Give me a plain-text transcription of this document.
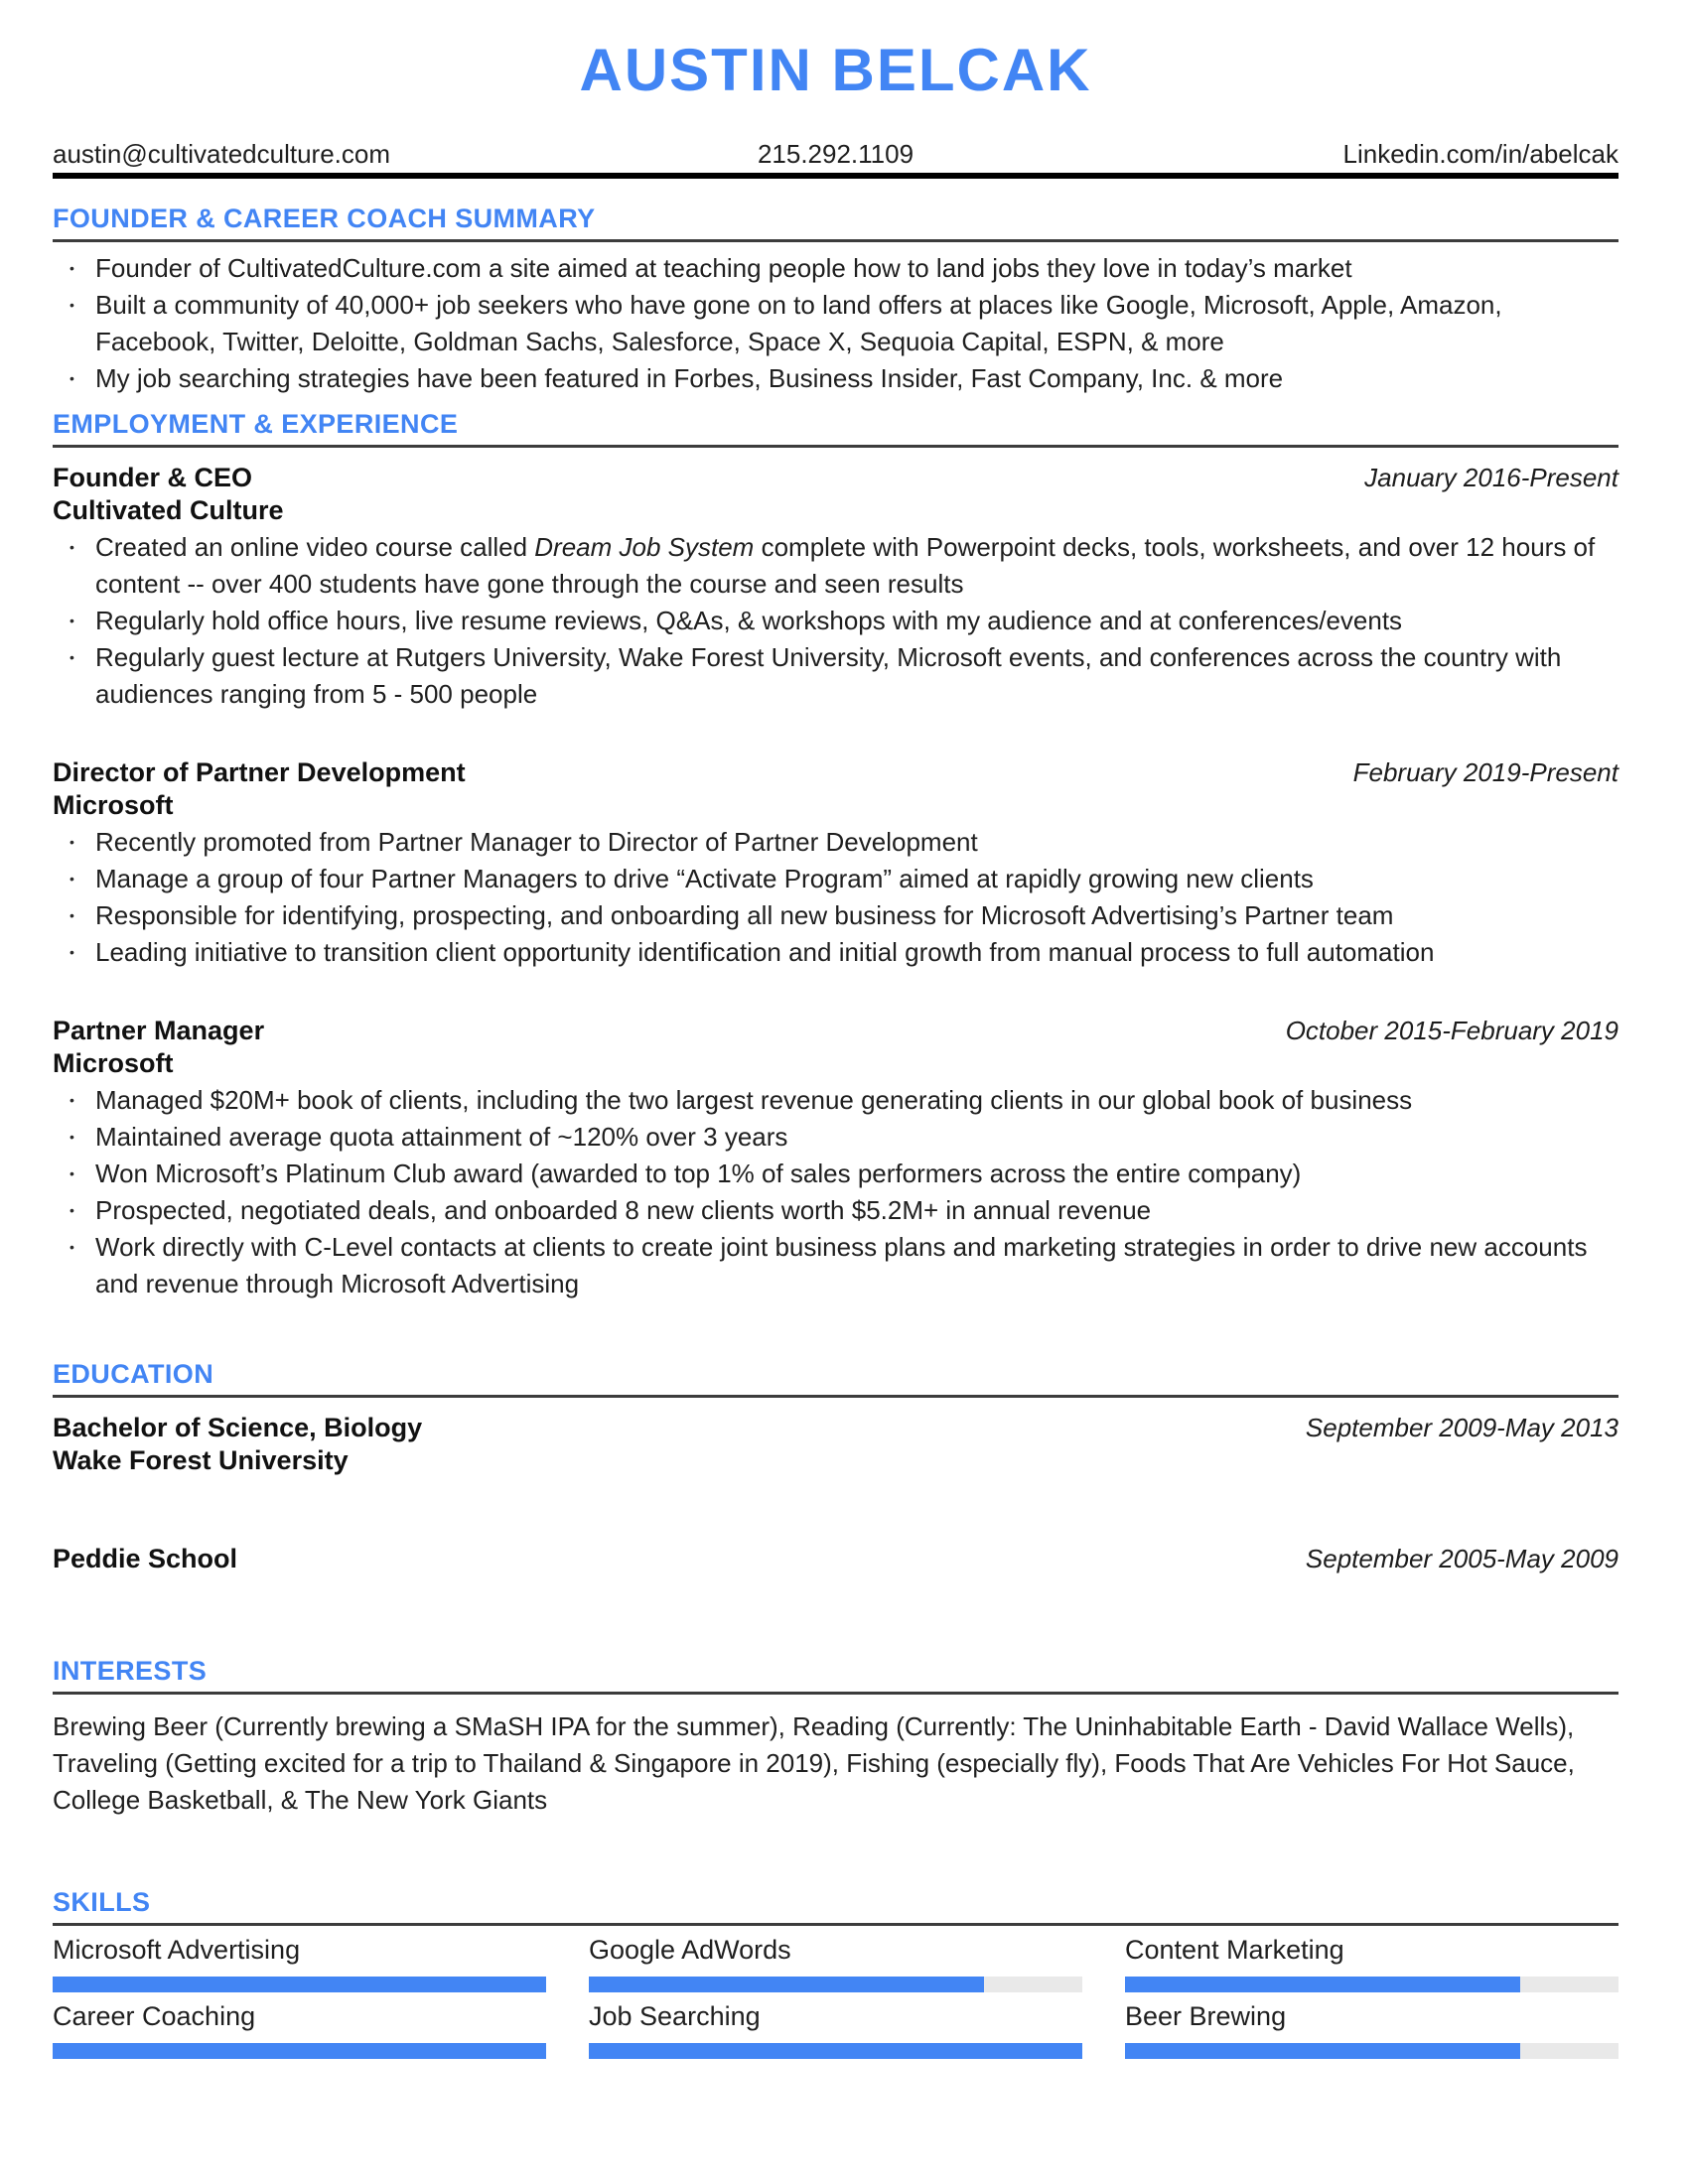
AUSTIN BELCAK
austin@cultivatedculture.com	215.292.1109	Linkedin.com/in/abelcak
FOUNDER & CAREER COACH SUMMARY
• Founder of CultivatedCulture.com a site aimed at teaching people how to land jobs they love in today’s market
• Built a community of 40,000+ job seekers who have gone on to land offers at places like Google, Microsoft, Apple, Amazon, Facebook, Twitter, Deloitte, Goldman Sachs, Salesforce, Space X, Sequoia Capital, ESPN, & more
• My job searching strategies have been featured in Forbes, Business Insider, Fast Company, Inc. & more
EMPLOYMENT & EXPERIENCE
Founder & CEO	January 2016-Present
Cultivated Culture
• Created an online video course called Dream Job System complete with Powerpoint decks, tools, worksheets, and over 12 hours of content -- over 400 students have gone through the course and seen results
• Regularly hold office hours, live resume reviews, Q&As, & workshops with my audience and at conferences/events
• Regularly guest lecture at Rutgers University, Wake Forest University, Microsoft events, and conferences across the country with audiences ranging from 5 - 500 people
Director of Partner Development	February 2019-Present
Microsoft
• Recently promoted from Partner Manager to Director of Partner Development
• Manage a group of four Partner Managers to drive “Activate Program” aimed at rapidly growing new clients
• Responsible for identifying, prospecting, and onboarding all new business for Microsoft Advertising’s Partner team
• Leading initiative to transition client opportunity identification and initial growth from manual process to full automation
Partner Manager	October 2015-February 2019
Microsoft
• Managed $20M+ book of clients, including the two largest revenue generating clients in our global book of business
• Maintained average quota attainment of ~120% over 3 years
• Won Microsoft’s Platinum Club award (awarded to top 1% of sales performers across the entire company)
• Prospected, negotiated deals, and onboarded 8 new clients worth $5.2M+ in annual revenue
• Work directly with C-Level contacts at clients to create joint business plans and marketing strategies in order to drive new accounts and revenue through Microsoft Advertising
EDUCATION
Bachelor of Science, Biology	September 2009-May 2013
Wake Forest University
Peddie School	September 2005-May 2009
INTERESTS

Brewing Beer (Currently brewing a SMaSH IPA for the summer), Reading (Currently: The Uninhabitable Earth - David Wallace Wells), Traveling (Getting excited for a trip to Thailand & Singapore in 2019), Fishing (especially fly), Foods That Are Vehicles For Hot Sauce, College Basketball, & The New York Giants

SKILLS
Microsoft Advertising	Google AdWords	Content Marketing
Career Coaching	Job Searching	Beer Brewing
